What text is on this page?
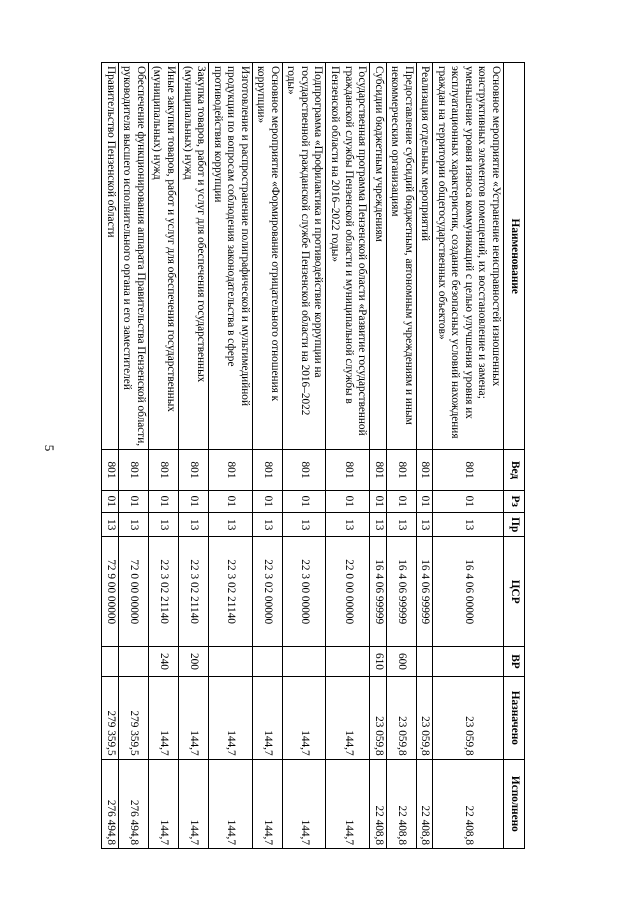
5
Наименование	Вед	Рз	Пр	ЦСР	ВР	Назначено	Исполнено
Основное мероприятие «Устранение неисправностей изношенных конструктивных элементов помещений, их восстановление и замена; уменьшение уровня износа коммуникаций с целью улучшения уровня их эксплуатационных характеристик, создание безопасных условий нахождения граждан на территории общегосударственных объектов»	801	01	13	16 4 06 00000		23 059,8	22 408,8
Реализация отдельных мероприятий	801	01	13	16 4 06 99999		23 059,8	22 408,8
Предоставление субсидий бюджетным, автономным учреждениям и иным некоммерческим организациям	801	01	13	16 4 06 99999	600	23 059,8	22 408,8
Субсидии бюджетным учреждениям	801	01	13	16 4 06 99999	610	23 059,8	22 408,8
Государственная программа Пензенской области «Развитие государственной гражданской службы Пензенской области и муниципальной службы в Пензенской области на 2016–2022 годы»	801	01	13	22 0 00 00000		144,7	144,7
Подпрограмма «Профилактика и противодействие коррупции на государственной гражданской службе Пензенской области на 2016–2022 годы»	801	01	13	22 3 00 00000		144,7	144,7
Основное мероприятие «Формирование отрицательного отношения к коррупции»	801	01	13	22 3 02 00000		144,7	144,7
Изготовление и распространение полиграфической и мультимедийной продукции по вопросам соблюдения законодательства в сфере противодействия коррупции	801	01	13	22 3 02 21140		144,7	144,7
Закупка товаров, работ и услуг для обеспечения государственных (муниципальных) нужд	801	01	13	22 3 02 21140	200	144,7	144,7
Иные закупки товаров, работ и услуг для обеспечения государственных (муниципальных) нужд	801	01	13	22 3 02 21140	240	144,7	144,7
Обеспечение функционирования аппарата Правительства Пензенской области, руководителя высшего исполнительного органа и его заместителей	801	01	13	72 0 00 00000		279 359,5	276 494,8
Правительство Пензенской области	801	01	13	72 9 00 00000		279 359,5	276 494,8
